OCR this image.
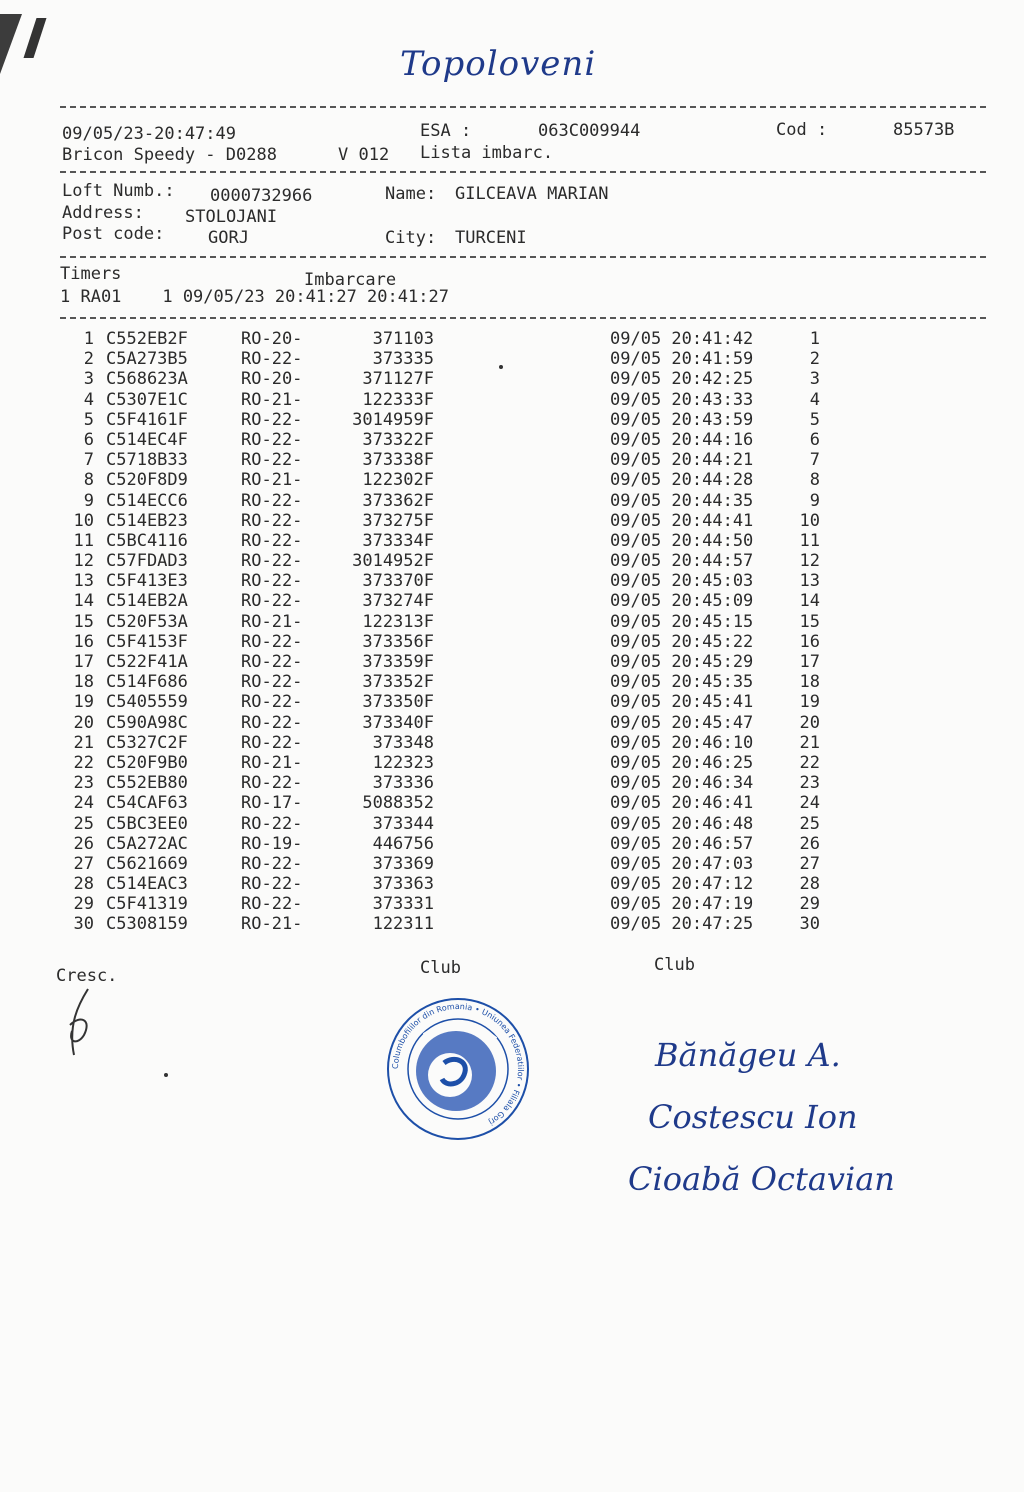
Topoloveni
09/05/23-20:47:49	ESA :	063C009944	Cod :	85573B
Bricon Speedy - D0288	V 012 Lista imbarc.
Loft Numb.: 0000732966	Name: GILCEAVA MARIAN
Address: STOLOJANI
Post code:	GORJ	City: TURCENI
Timers	Imbarcare
1 RA01    1 09/05/23 20:41:27 20:41:27
1 C552EB2F	RO-20-	371103	09/05 20:41:42	1
2 C5A273B5	RO-22-	373335	09/05 20:41:59	2
3 C568623A	RO-20-	371127F	09/05 20:42:25	3
4 C5307E1C	RO-21-	122333F	09/05 20:43:33	4
5 C5F4161F	RO-22-	3014959F	09/05 20:43:59	5
6 C514EC4F	RO-22-	373322F	09/05 20:44:16	6
7 C5718B33	RO-22-	373338F	09/05 20:44:21	7
8 C520F8D9	RO-21-	122302F	09/05 20:44:28	8
9 C514ECC6	RO-22-	373362F	09/05 20:44:35	9
10 C514EB23	RO-22-	373275F	09/05 20:44:41	10
11 C5BC4116	RO-22-	373334F	09/05 20:44:50	11
12 C57FDAD3	RO-22-	3014952F	09/05 20:44:57	12
13 C5F413E3	RO-22-	373370F	09/05 20:45:03	13
14 C514EB2A	RO-22-	373274F	09/05 20:45:09	14
15 C520F53A	RO-21-	122313F	09/05 20:45:15	15
16 C5F4153F	RO-22-	373356F	09/05 20:45:22	16
17 C522F41A	RO-22-	373359F	09/05 20:45:29	17
18 C514F686	RO-22-	373352F	09/05 20:45:35	18
19 C5405559	RO-22-	373350F	09/05 20:45:41	19
20 C590A98C	RO-22-	373340F	09/05 20:45:47	20
21 C5327C2F	RO-22-	373348	09/05 20:46:10	21
22 C520F9B0	RO-21-	122323	09/05 20:46:25	22
23 C552EB80	RO-22-	373336	09/05 20:46:34	23
24 C54CAF63	RO-17-	5088352	09/05 20:46:41	24
25 C5BC3EE0	RO-22-	373344	09/05 20:46:48	25
26 C5A272AC	RO-19-	446756	09/05 20:46:57	26
27 C5621669	RO-22-	373369	09/05 20:47:03	27
28 C514EAC3	RO-22-	373363	09/05 20:47:12	28
29 C5F41319	RO-22-	373331	09/05 20:47:19	29
30 C5308159	RO-21-	122311	09/05 20:47:25	30
Cresc.	Club	Club
Columbofililor din Romania • Uniunea Federatiilor • Filiala Gorj
Bănăgeu A.
Costescu Ion
Cioabă Octavian
